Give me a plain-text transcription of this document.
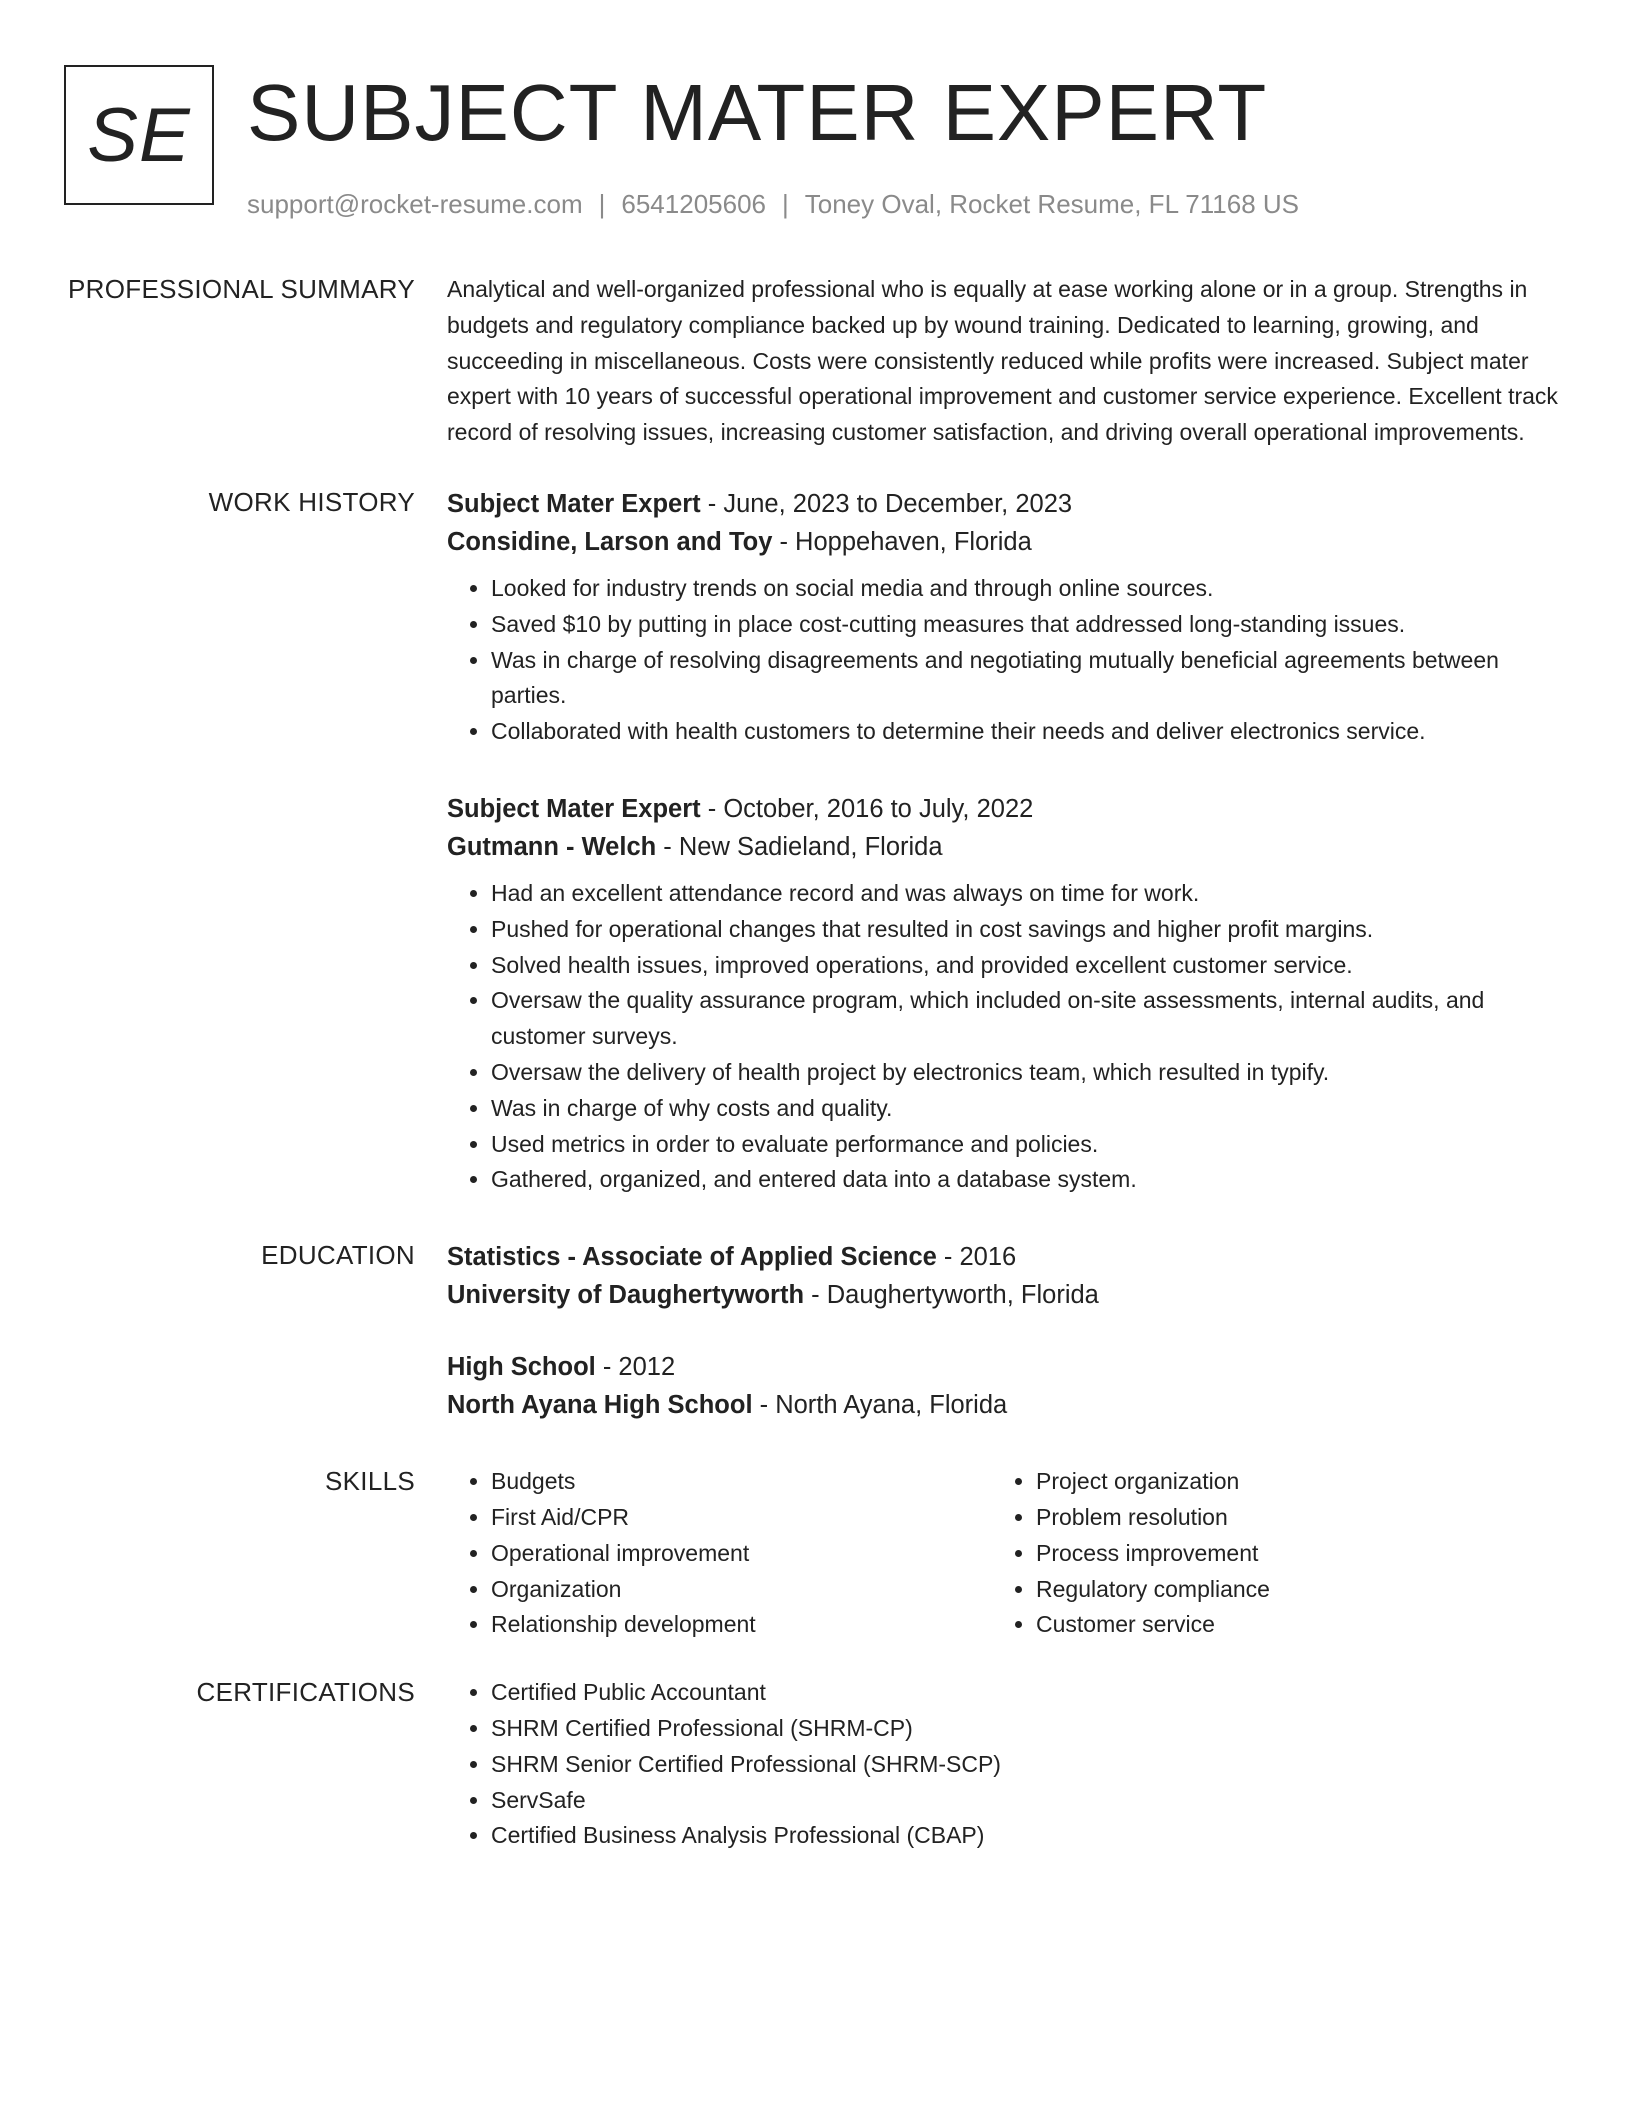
SE SUBJECT MATER EXPERT
support@rocket-resume.com | 6541205606 | Toney Oval, Rocket Resume, FL 71168 US
PROFESSIONAL SUMMARY Analytical and well-organized professional who is equally at ease working alone or in a group. Strengths in budgets and regulatory compliance backed up by wound training. Dedicated to learning, growing, and succeeding in miscellaneous. Costs were consistently reduced while profits were increased. Subject mater expert with 10 years of successful operational improvement and customer service experience. Excellent track record of resolving issues, increasing customer satisfaction, and driving overall operational improvements.
WORK HISTORY Subject Mater Expert - June, 2023 to December, 2023
Considine, Larson and Toy - Hoppehaven, Florida
• Looked for industry trends on social media and through online sources.
• Saved $10 by putting in place cost-cutting measures that addressed long-standing issues.
• Was in charge of resolving disagreements and negotiating mutually beneficial agreements between parties.
• Collaborated with health customers to determine their needs and deliver electronics service.
Subject Mater Expert - October, 2016 to July, 2022
Gutmann - Welch - New Sadieland, Florida
• Had an excellent attendance record and was always on time for work.
• Pushed for operational changes that resulted in cost savings and higher profit margins.
• Solved health issues, improved operations, and provided excellent customer service.
• Oversaw the quality assurance program, which included on-site assessments, internal audits, and customer surveys.
• Oversaw the delivery of health project by electronics team, which resulted in typify.
• Was in charge of why costs and quality.
• Used metrics in order to evaluate performance and policies.
• Gathered, organized, and entered data into a database system.
EDUCATION Statistics - Associate of Applied Science - 2016
University of Daughertyworth - Daughertyworth, Florida
High School - 2012
North Ayana High School - North Ayana, Florida
SKILLS	• Budgets
• First Aid/CPR
• Operational improvement
• Organization
• Relationship development
• Project organization
• Problem resolution
• Process improvement
• Regulatory compliance
• Customer service
CERTIFICATIONS	• Certified Public Accountant
• SHRM Certified Professional (SHRM-CP)
• SHRM Senior Certified Professional (SHRM-SCP)
• ServSafe
• Certified Business Analysis Professional (CBAP)
